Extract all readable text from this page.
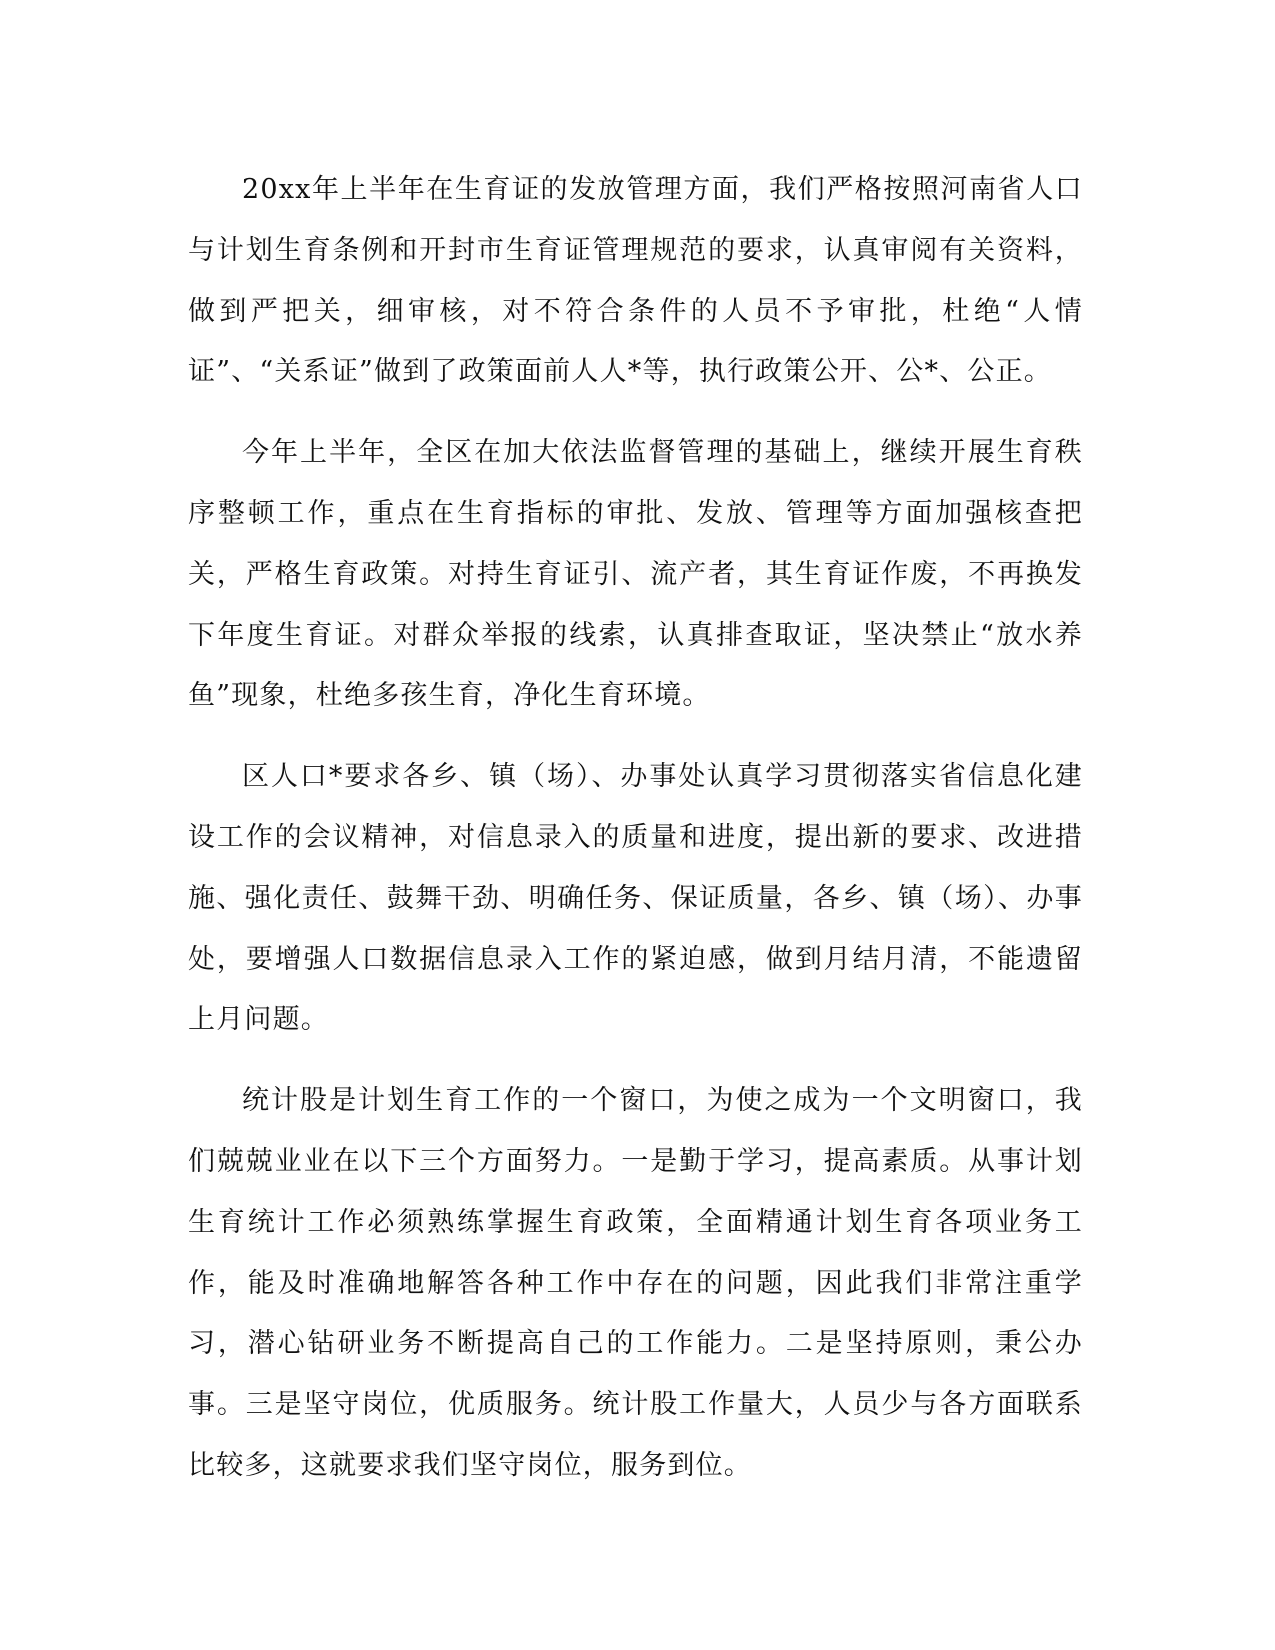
20xx年上半年在生育证的发放管理方面，我们严格按照河南省人口与计划生育条例和开封市生育证管理规范的要求，认真审阅有关资料，做到严把关，细审核，对不符合条件的人员不予审批，杜绝“人情证”、“关系证”做到了政策面前人人*等，执行政策公开、公*、公正。

今年上半年，全区在加大依法监督管理的基础上，继续开展生育秩序整顿工作，重点在生育指标的审批、发放、管理等方面加强核查把关，严格生育政策。对持生育证引、流产者，其生育证作废，不再换发下年度生育证。对群众举报的线索，认真排查取证，坚决禁止“放水养鱼”现象，杜绝多孩生育，净化生育环境。

区人口*要求各乡、镇（场）、办事处认真学习贯彻落实省信息化建设工作的会议精神，对信息录入的质量和进度，提出新的要求、改进措施、强化责任、鼓舞干劲、明确任务、保证质量，各乡、镇（场）、办事处，要增强人口数据信息录入工作的紧迫感，做到月结月清，不能遗留上月问题。

统计股是计划生育工作的一个窗口，为使之成为一个文明窗口，我们兢兢业业在以下三个方面努力。一是勤于学习，提高素质。从事计划生育统计工作必须熟练掌握生育政策，全面精通计划生育各项业务工作，能及时准确地解答各种工作中存在的问题，因此我们非常注重学习，潜心钻研业务不断提高自己的工作能力。二是坚持原则，秉公办事。三是坚守岗位，优质服务。统计股工作量大，人员少与各方面联系比较多，这就要求我们坚守岗位，服务到位。
